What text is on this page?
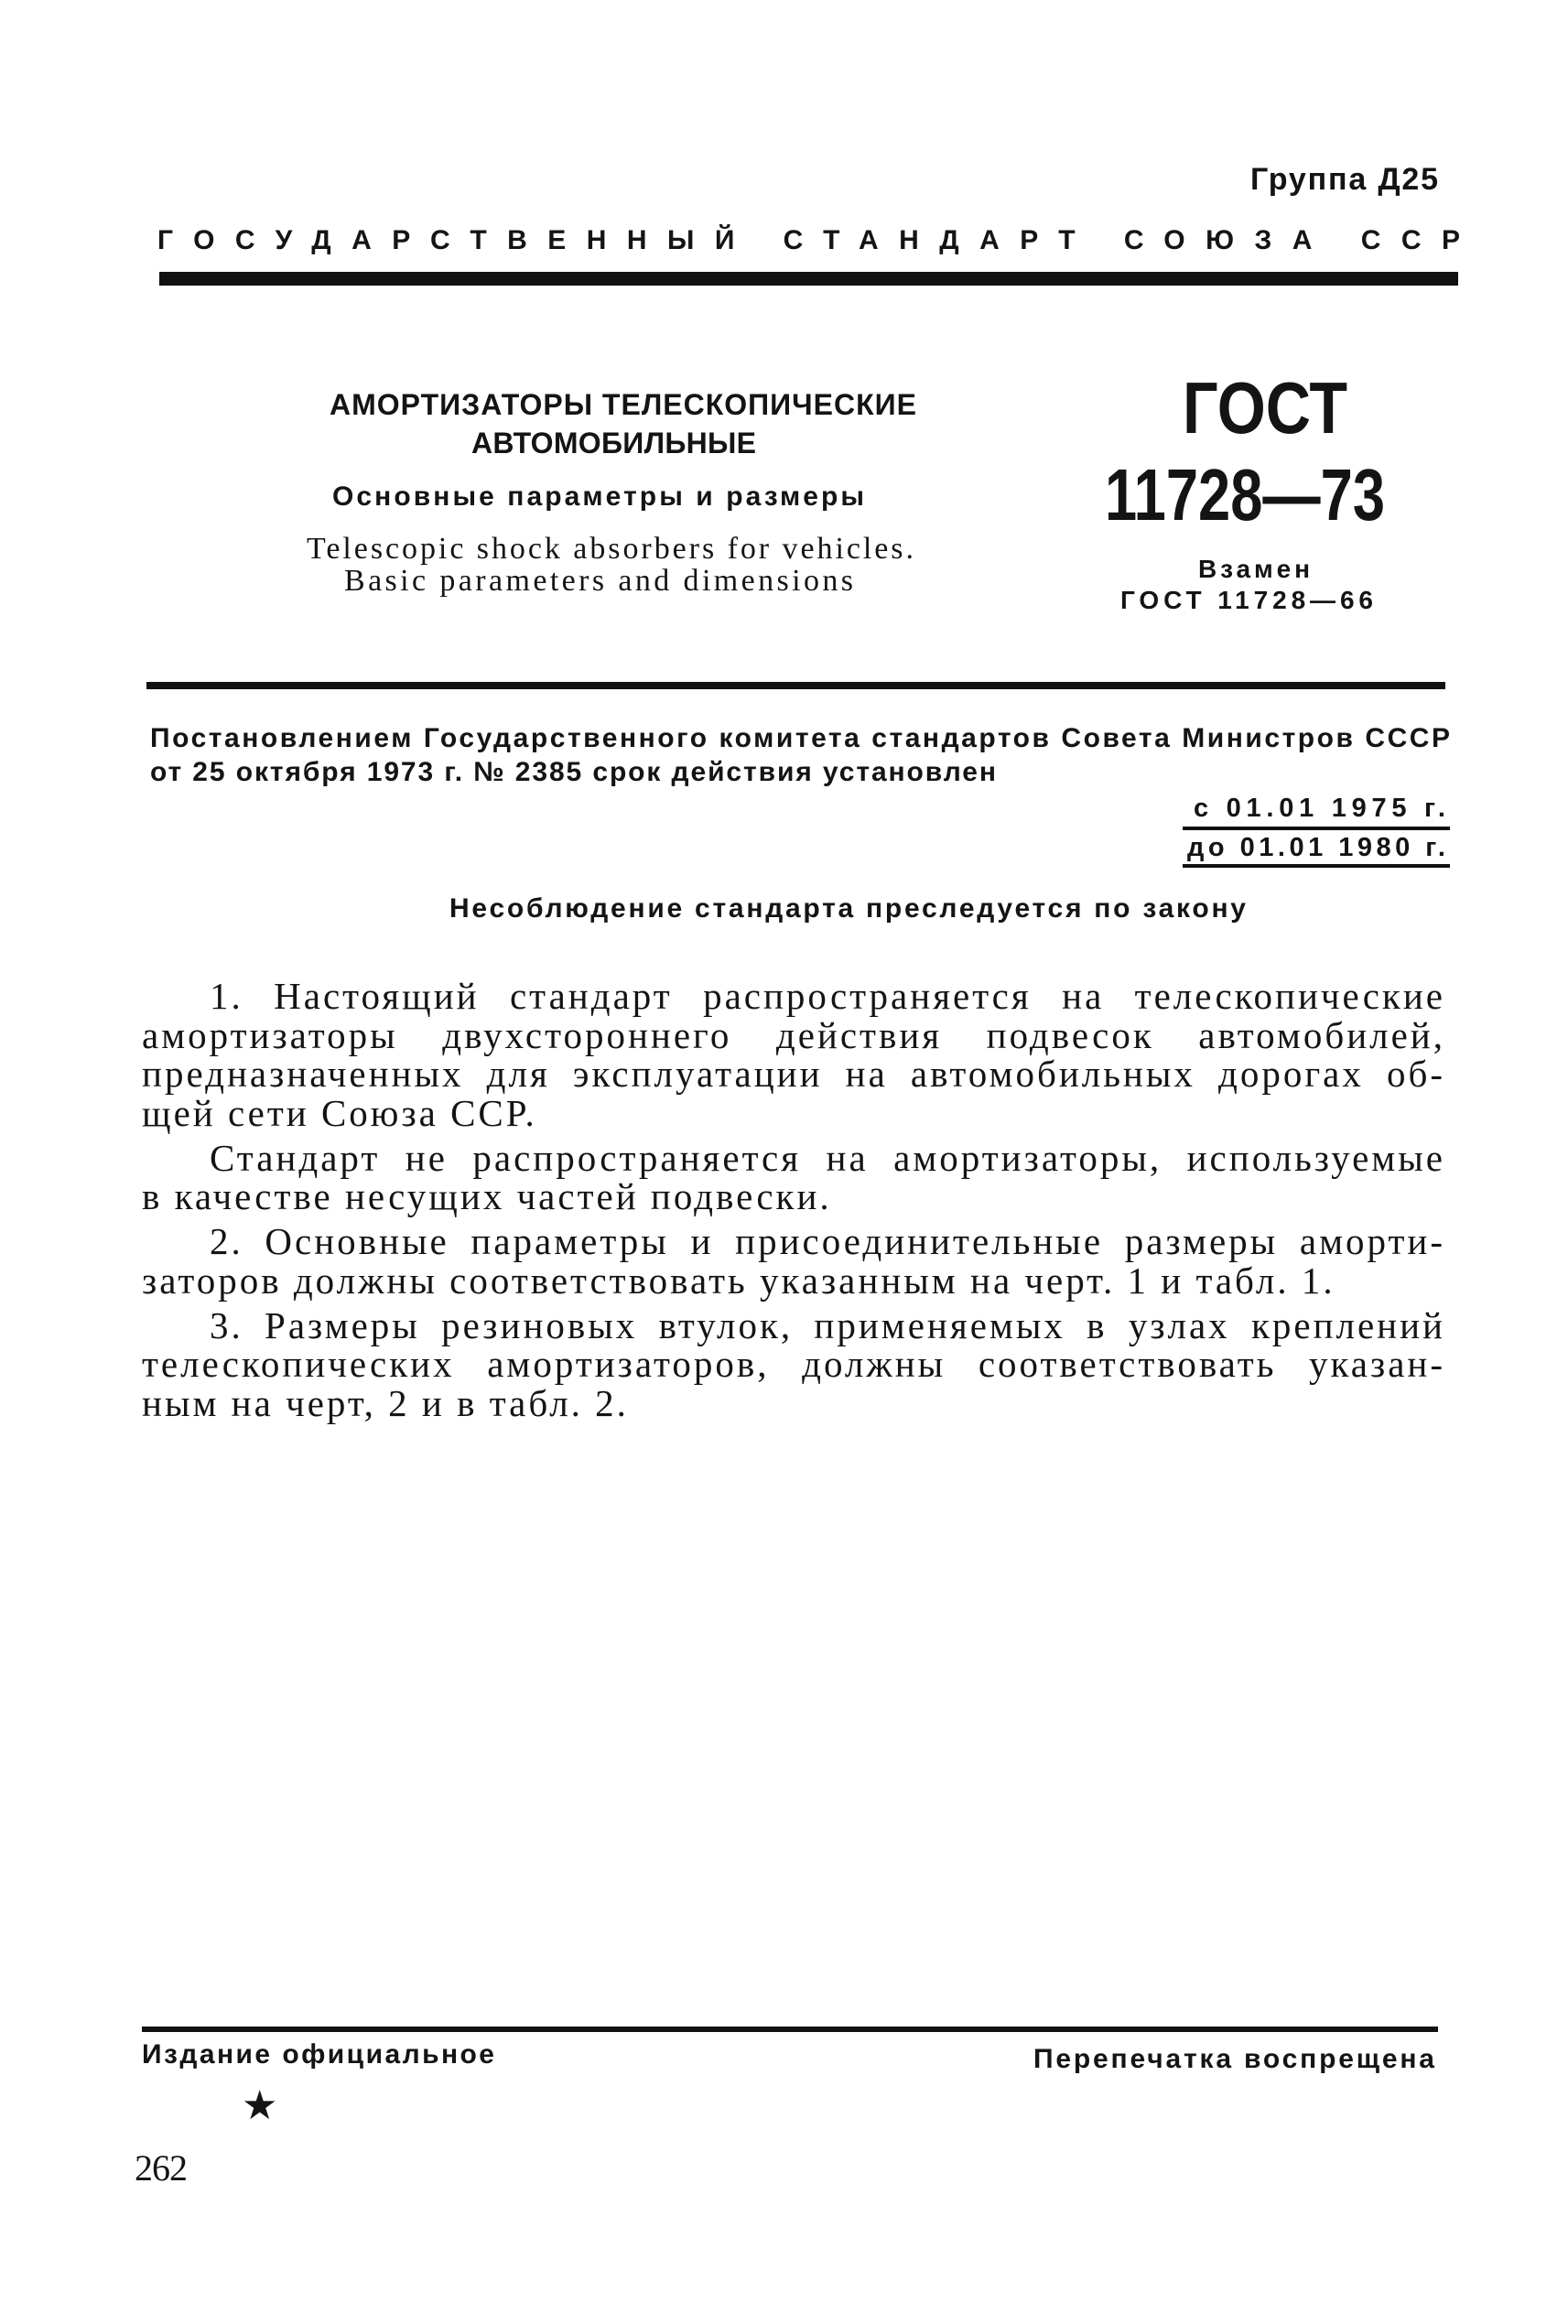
Группа Д25
ГОСУДАРСТВЕННЫЙ СТАНДАРТ СОЮЗА ССР
АМОРТИЗАТОРЫ ТЕЛЕСКОПИЧЕСКИЕ
АВТОМОБИЛЬНЫЕ
Основные параметры и размеры
Telescopic shock absorbers for vehicles.
Basic parameters and dimensions
ГОСТ
11728—73
Взамен
ГОСТ 11728—66
Постановлением Государственного комитета стандартов Совета Министров СССР
от 25 октября 1973 г. № 2385 срок действия установлен
с 01.01 1975 г.
до 01.01 1980 г.
Несоблюдение стандарта преследуется по закону
1. Настоящий стандарт распространяется на телескопические
амортизаторы двухстороннего действия подвесок автомобилей,
предназначенных для эксплуатации на автомобильных дорогах об-
щей сети Союза ССР.
Стандарт не распространяется на амортизаторы, используемые
в качестве несущих частей подвески.
2. Основные параметры и присоединительные размеры аморти-
заторов должны соответствовать указанным на черт. 1 и табл. 1.
3. Размеры резиновых втулок, применяемых в узлах креплений
телескопических амортизаторов, должны соответствовать указан-
ным на черт, 2 и в табл. 2.
Издание официальное	Перепечатка воспрещена
★
262
